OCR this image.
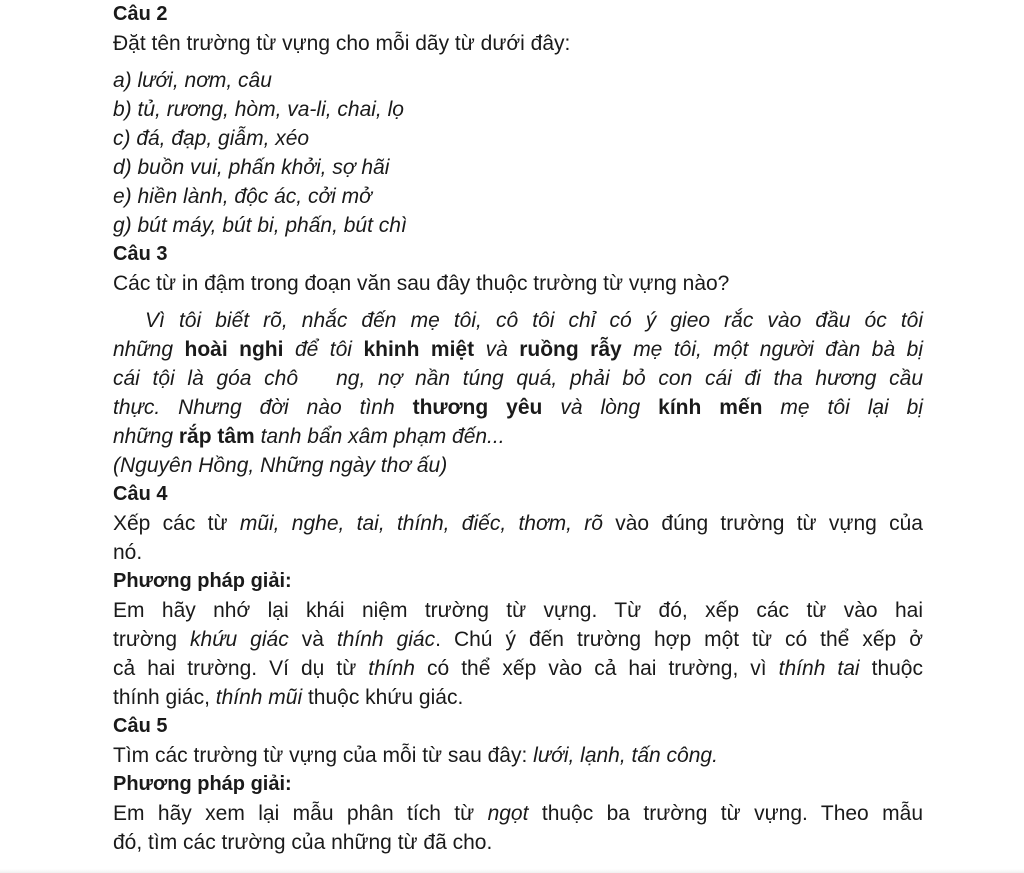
Câu 2
Đặt tên trường từ vựng cho mỗi dãy từ dưới đây:
a) lưới, nơm, câu
b) tủ, rương, hòm, va-li, chai, lọ
c) đá, đạp, giẫm, xéo
d) buồn vui, phấn khởi, sợ hãi
e) hiền lành, độc ác, cởi mở
g) bút máy, bút bi, phấn, bút chì
Câu 3
Các từ in đậm trong đoạn văn sau đây thuộc trường từ vựng nào?
Vì tôi biết rõ, nhắc đến mẹ tôi, cô tôi chỉ có ý gieo rắc vào đầu óc tôi
những hoài nghi để tôi khinh miệt và ruồng rẫy mẹ tôi, một người đàn bà bị
cái tội là góa chô   ng, nợ nần túng quá, phải bỏ con cái đi tha hương cầu
thực. Nhưng đời nào tình thương yêu và lòng kính mến mẹ tôi lại bị
những rắp tâm tanh bẩn xâm phạm đến...
(Nguyên Hồng, Những ngày thơ ấu)
Câu 4
Xếp các từ mũi, nghe, tai, thính, điếc, thơm, rõ vào đúng trường từ vựng của
nó.
Phương pháp giải:
Em hãy nhớ lại khái niệm trường từ vựng. Từ đó, xếp các từ vào hai
trường khứu giác và thính giác. Chú ý đến trường hợp một từ có thể xếp ở
cả hai trường. Ví dụ từ thính có thể xếp vào cả hai trường, vì thính tai thuộc
thính giác, thính mũi thuộc khứu giác.
Câu 5
Tìm các trường từ vựng của mỗi từ sau đây: lưới, lạnh, tấn công.
Phương pháp giải:
Em hãy xem lại mẫu phân tích từ ngọt thuộc ba trường từ vựng. Theo mẫu
đó, tìm các trường của những từ đã cho.
